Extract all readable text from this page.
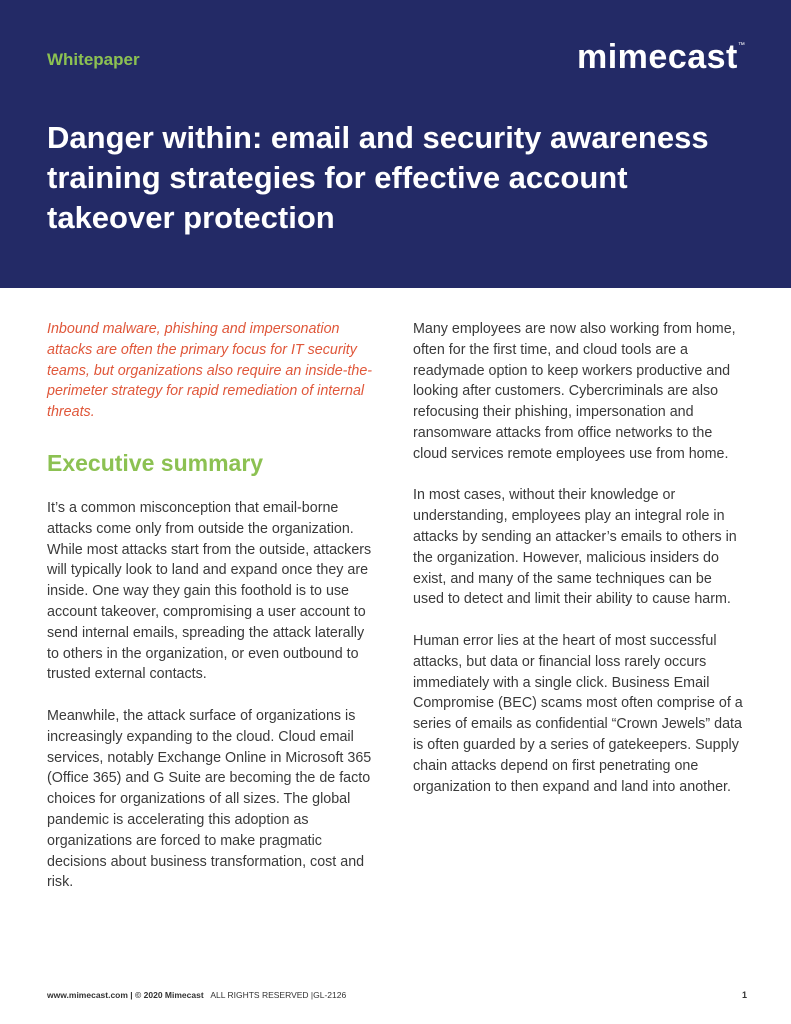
Whitepaper	mimecast™
Danger within: email and security awareness training strategies for effective account takeover protection

Inbound malware, phishing and impersonation attacks are often the primary focus for IT security teams, but organizations also require an inside-the-perimeter strategy for rapid remediation of internal threats.

Executive summary

It’s a common misconception that email-borne attacks come only from outside the organization. While most attacks start from the outside, attackers will typically look to land and expand once they are inside. One way they gain this foothold is to use account takeover, compromising a user account to send internal emails, spreading the attack laterally to others in the organization, or even outbound to trusted external contacts.

Meanwhile, the attack surface of organizations is increasingly expanding to the cloud. Cloud email services, notably Exchange Online in Microsoft 365 (Office 365) and G Suite are becoming the de facto choices for organizations of all sizes. The global pandemic is accelerating this adoption as organizations are forced to make pragmatic decisions about business transformation, cost and risk.

Many employees are now also working from home, often for the first time, and cloud tools are a readymade option to keep workers productive and looking after customers. Cybercriminals are also refocusing their phishing, impersonation and ransomware attacks from office networks to the cloud services remote employees use from home.

In most cases, without their knowledge or understanding, employees play an integral role in attacks by sending an attacker’s emails to others in the organization. However, malicious insiders do exist, and many of the same techniques can be used to detect and limit their ability to cause harm.

Human error lies at the heart of most successful attacks, but data or financial loss rarely occurs immediately with a single click. Business Email Compromise (BEC) scams most often comprise of a series of emails as confidential “Crown Jewels” data is often guarded by a series of gatekeepers. Supply chain attacks depend on first penetrating one organization to then expand and land into another.

www.mimecast.com | © 2020 Mimecast ALL RIGHTS RESERVED |GL-2126	1
